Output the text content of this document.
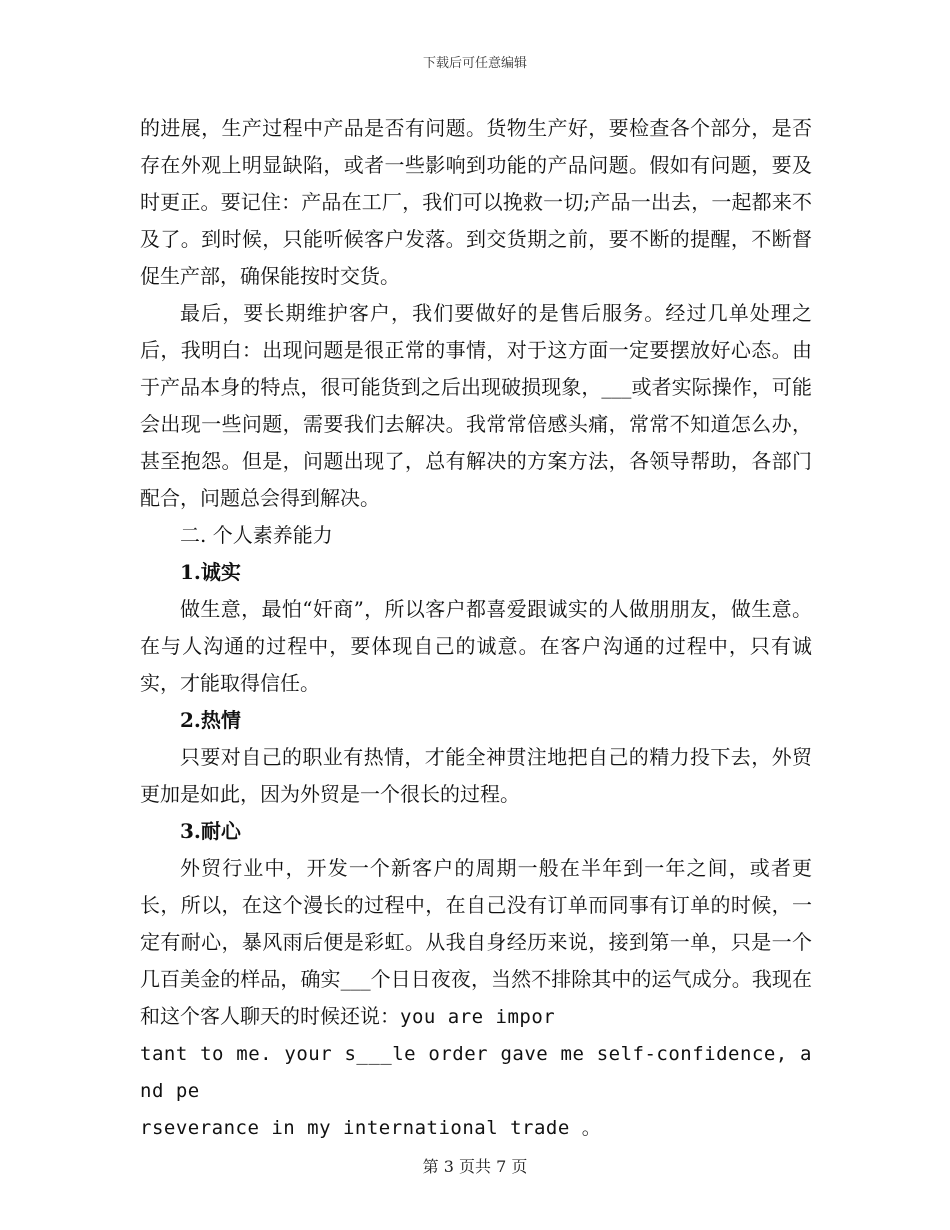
下载后可任意编辑

的进展，生产过程中产品是否有问题。货物生产好，要检查各个部分，是否存在外观上明显缺陷，或者一些影响到功能的产品问题。假如有问题，要及时更正。要记住：产品在工厂，我们可以挽救一切;产品一出去，一起都来不及了。到时候，只能听候客户发落。到交货期之前，要不断的提醒，不断督促生产部，确保能按时交货。

最后，要长期维护客户，我们要做好的是售后服务。经过几单处理之后，我明白：出现问题是很正常的事情，对于这方面一定要摆放好心态。由于产品本身的特点，很可能货到之后出现破损现象，___或者实际操作，可能会出现一些问题，需要我们去解决。我常常倍感头痛，常常不知道怎么办，甚至抱怨。但是，问题出现了，总有解决的方案方法，各领导帮助，各部门配合，问题总会得到解决。

二. 个人素养能力
1.诚实

做生意，最怕“奸商”，所以客户都喜爱跟诚实的人做朋朋友，做生意。在与人沟通的过程中，要体现自己的诚意。在客户沟通的过程中，只有诚实，才能取得信任。

2.热情

只要对自己的职业有热情，才能全神贯注地把自己的精力投下去，外贸更加是如此，因为外贸是一个很长的过程。

3.耐心

外贸行业中，开发一个新客户的周期一般在半年到一年之间，或者更长，所以，在这个漫长的过程中，在自己没有订单而同事有订单的时候，一定有耐心，暴风雨后便是彩虹。从我自身经历来说，接到第一单，只是一个几百美金的样品，确实___个日日夜夜，当然不排除其中的运气成分。我现在和这个客人聊天的时候还说：you are impor

tant to me. your s___le order gave me self-confidence, and pe

rseverance in my international trade 。

第 3 页共 7 页
